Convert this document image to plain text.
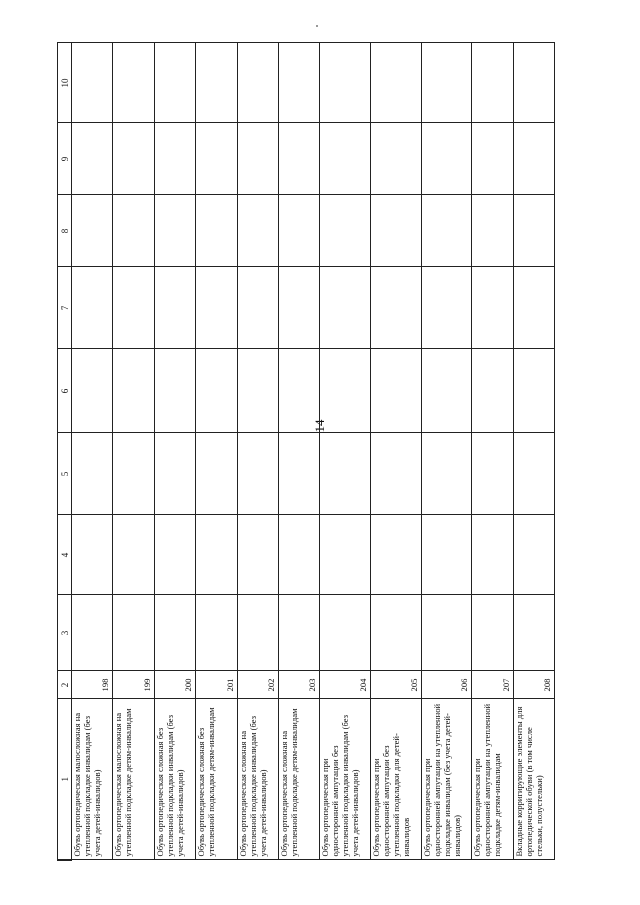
14
1	2	3	4	5	6	7	8	9	10
Обувь ортопедическая малосложная на утепленной подкладке инвалидам (без учета детей-инвалидов)	198								
Обувь ортопедическая малосложная на утепленной подкладке детям-инвалидам	199								
Обувь ортопедическая сложная без утепленной подкладки инвалидам (без учета детей-инвалидов)	200								
Обувь ортопедическая сложная без утепленной подкладки детям-инвалидам	201								
Обувь ортопедическая сложная на утепленной подкладке инвалидам (без учета детей-инвалидов)	202								
Обувь ортопедическая сложная на утепленной подкладке детям-инвалидам	203								
Обувь ортопедическая при односторонней ампутации без утепленной подкладки инвалидам (без учета детей-инвалидов)	204								
Обувь ортопедическая при односторонней ампутации без утепленной подкладки для детей-инвалидов	205								
Обувь ортопедическая при односторонней ампутации на утепленной подкладке инвалидам (без учета детей-инвалидов)	206								
Обувь ортопедическая при односторонней ампутации на утепленной подкладке детям-инвалидам	207								
Вкладные корригирующие элементы для ортопедической обуви (в том числе стельки, полустельки)	208								
